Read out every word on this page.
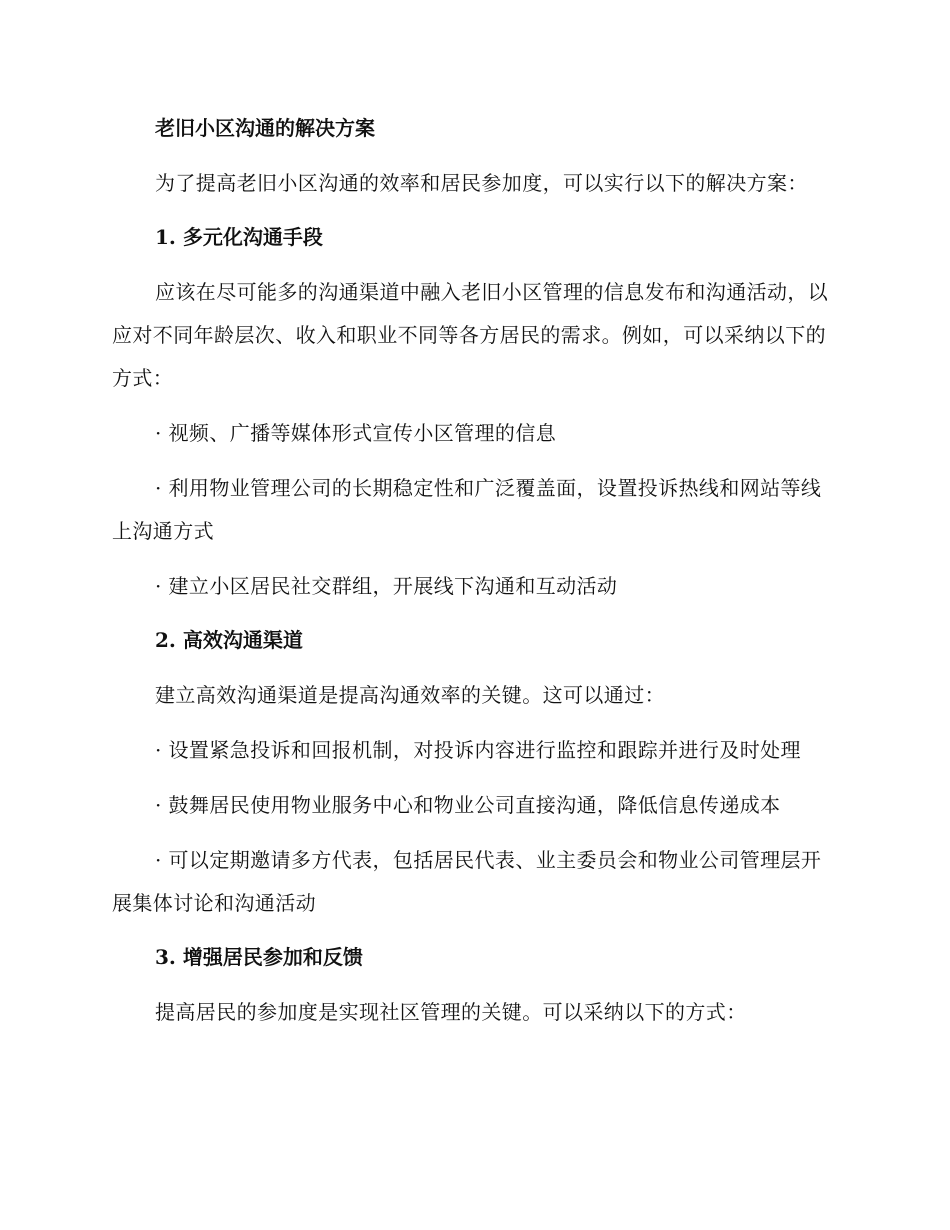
老旧小区沟通的解决方案
为了提高老旧小区沟通的效率和居民参加度，可以实行以下的解决方案：
1. 多元化沟通手段
应该在尽可能多的沟通渠道中融入老旧小区管理的信息发布和沟通活动，以应对不同年龄层次、收入和职业不同等各方居民的需求。例如，可以采纳以下的方式：
· 视频、广播等媒体形式宣传小区管理的信息
· 利用物业管理公司的长期稳定性和广泛覆盖面，设置投诉热线和网站等线上沟通方式
· 建立小区居民社交群组，开展线下沟通和互动活动
2. 高效沟通渠道
建立高效沟通渠道是提高沟通效率的关键。这可以通过：
· 设置紧急投诉和回报机制，对投诉内容进行监控和跟踪并进行及时处理
· 鼓舞居民使用物业服务中心和物业公司直接沟通，降低信息传递成本
· 可以定期邀请多方代表，包括居民代表、业主委员会和物业公司管理层开展集体讨论和沟通活动
3. 增强居民参加和反馈
提高居民的参加度是实现社区管理的关键。可以采纳以下的方式：
